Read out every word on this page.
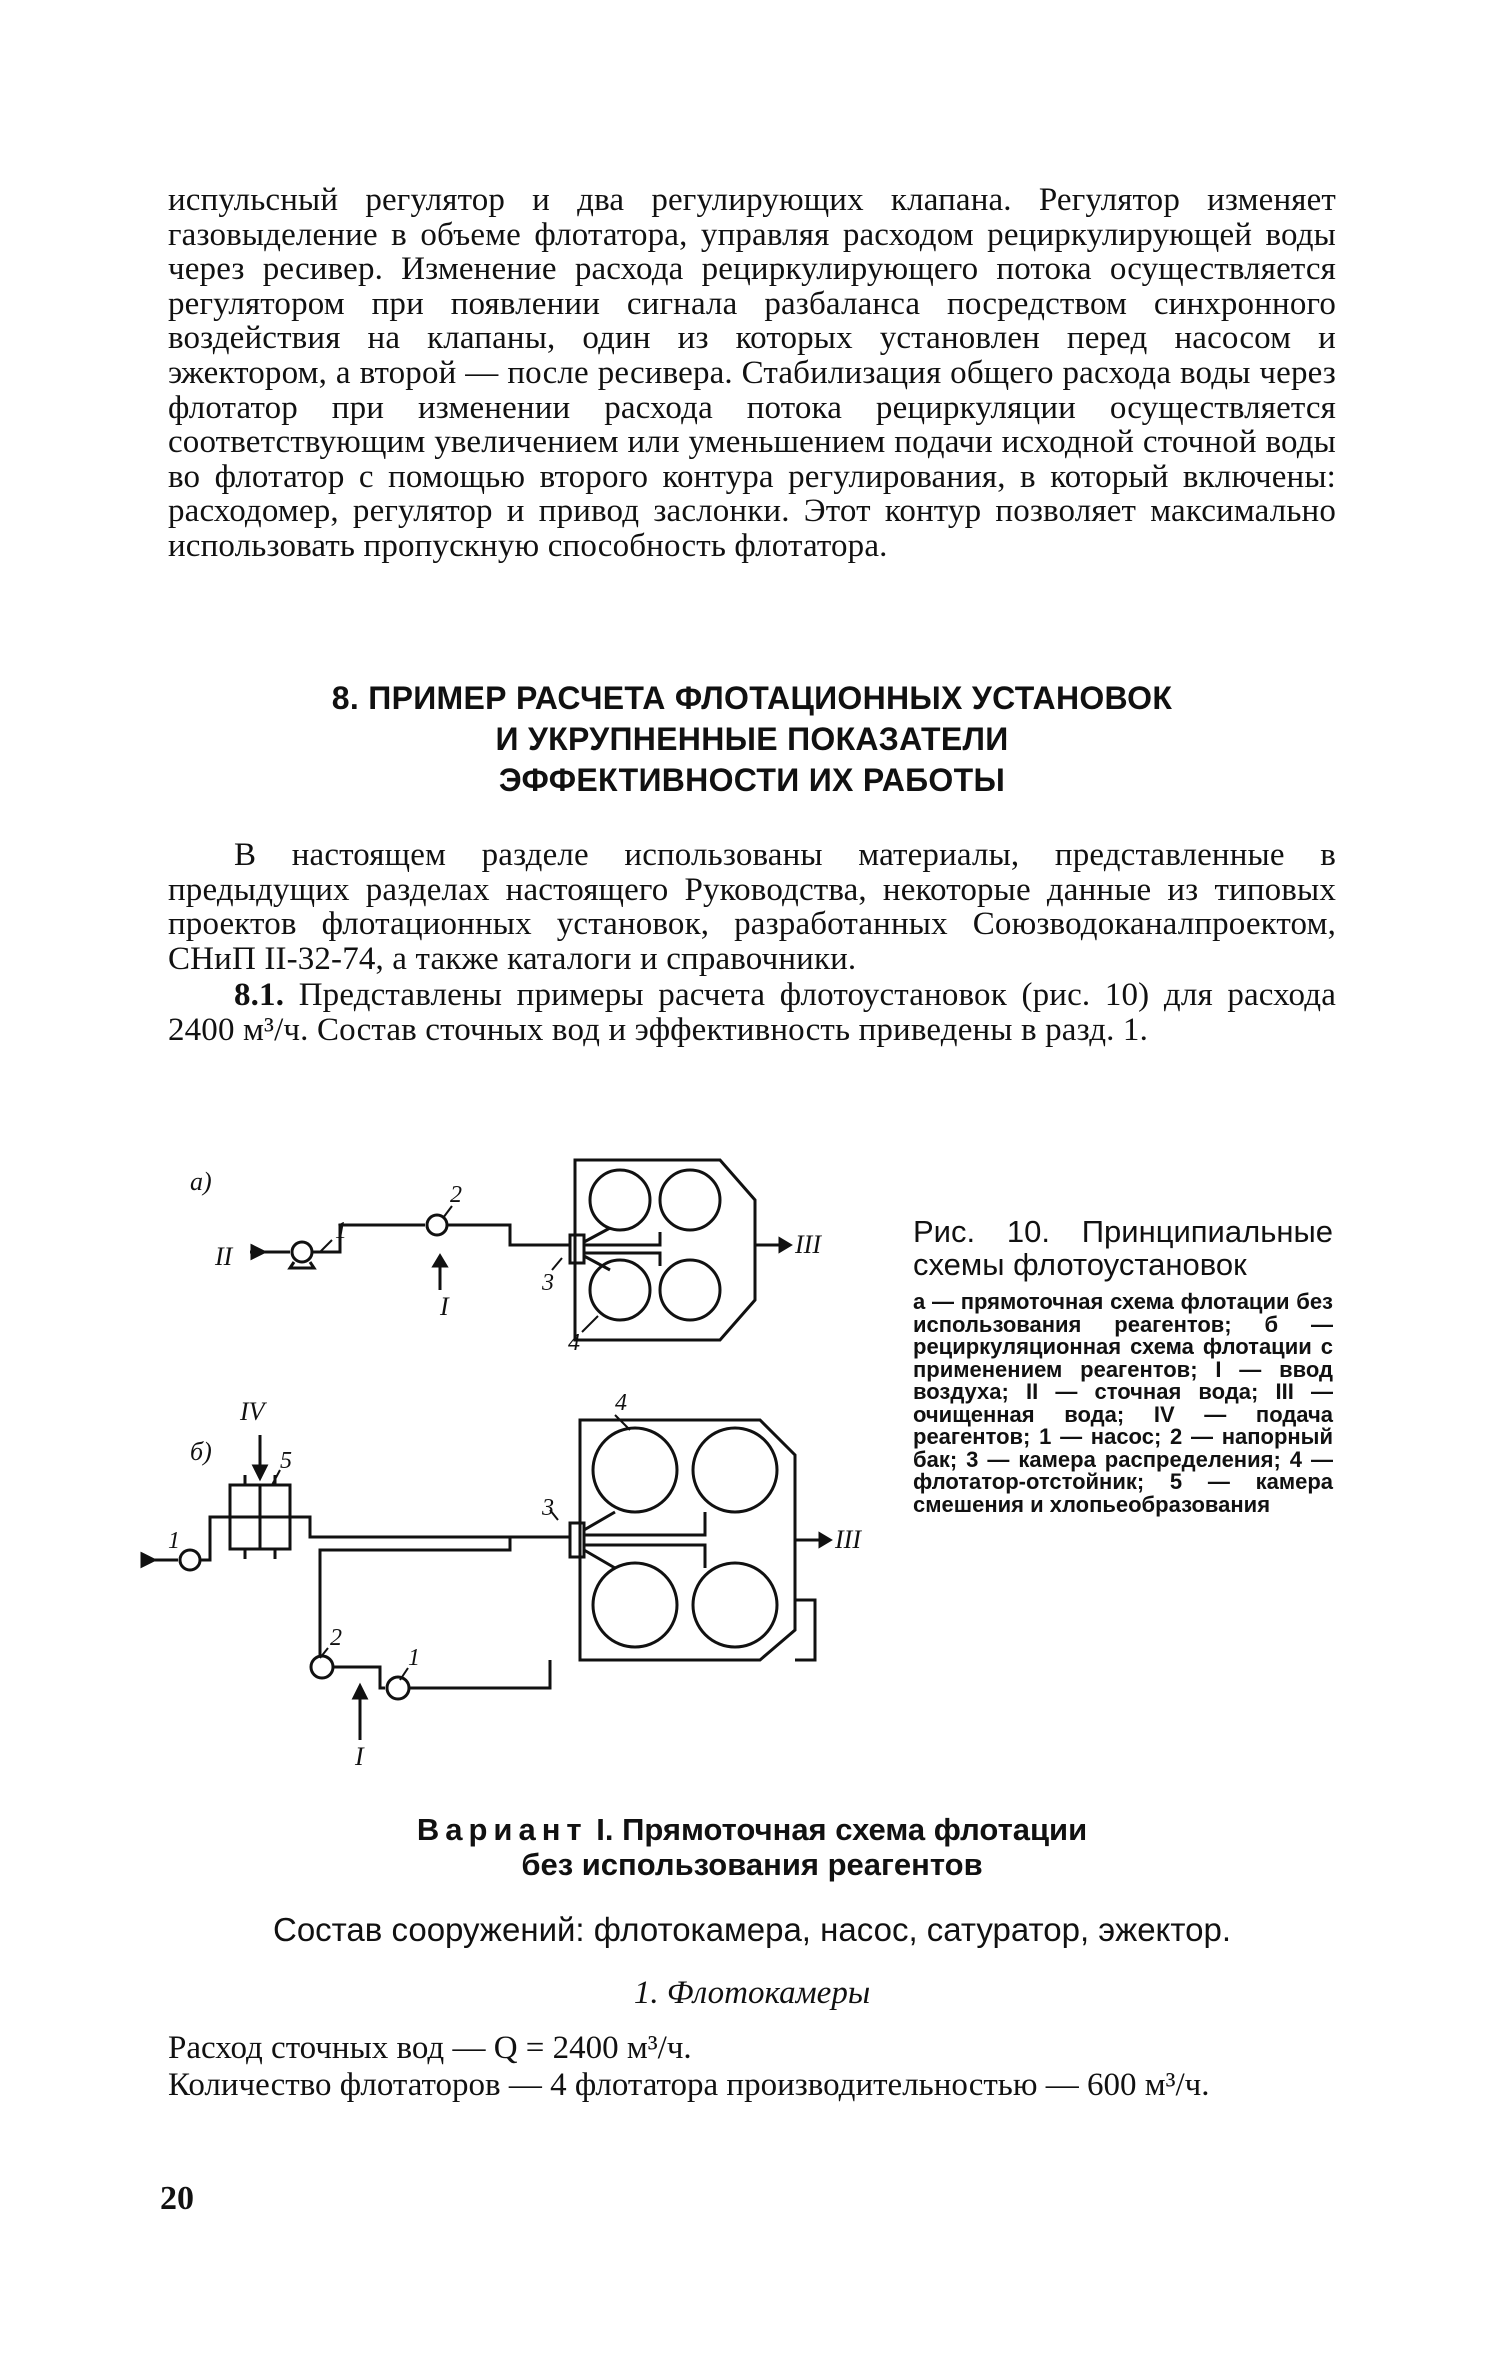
испульсный регулятор и два регулирующих клапана. Регулятор изменяет газовыделение в объеме флотатора, управляя расходом рециркулирующей воды через ресивер. Изменение расхода рециркулирующего потока осуществляется регулятором при появлении сигнала разбаланса посредством синхронного воздействия на клапаны, один из которых установлен перед насосом и эжектором, а второй — после ресивера. Стабилизация общего расхода воды через флотатор при изменении расхода потока рециркуляции осуществляется соответствующим увеличением или уменьшением подачи исходной сточной воды во флотатор с помощью второго контура регулирования, в который включены: расходомер, регулятор и привод заслонки. Этот контур позволяет максимально использовать пропускную способность флотатора.
8. ПРИМЕР РАСЧЕТА ФЛОТАЦИОННЫХ УСТАНОВОК
И УКРУПНЕННЫЕ ПОКАЗАТЕЛИ
ЭФФЕКТИВНОСТИ ИХ РАБОТЫ
В настоящем разделе использованы материалы, представленные в предыдущих разделах настоящего Руководства, некоторые данные из типовых проектов флотационных установок, разработанных Союзводоканалпроектом, СНиП II-32-74, а также каталоги и справочники.
8.1. Представлены примеры расчета флотоустановок (рис. 10) для расхода 2400 м³/ч. Состав сточных вод и эффективность приведены в разд. 1.
а)
II
1
2
3
4
I
III
б)
1
IV
5
3
4
2
1
I
III
Рис. 10. Принципиальные схемы флотоустановок
а — прямоточная схема флотации без использования реагентов; б — рециркуляционная схема флотации с применением реагентов; I — ввод воздуха; II — сточная вода; III — очищенная вода; IV — подача реагентов; 1 — насос; 2 — напорный бак; 3 — камера распределения; 4 — флотатор-отстойник; 5 — камера смешения и хлопьеобразования
Вариант I. Прямоточная схема флотации
без использования реагентов
Состав сооружений: флотокамера, насос, сатуратор, эжектор.
1. Флотокамеры
Расход сточных вод — Q = 2400 м³/ч.
Количество флотаторов — 4 флотатора производительностью — 600 м³/ч.
20
